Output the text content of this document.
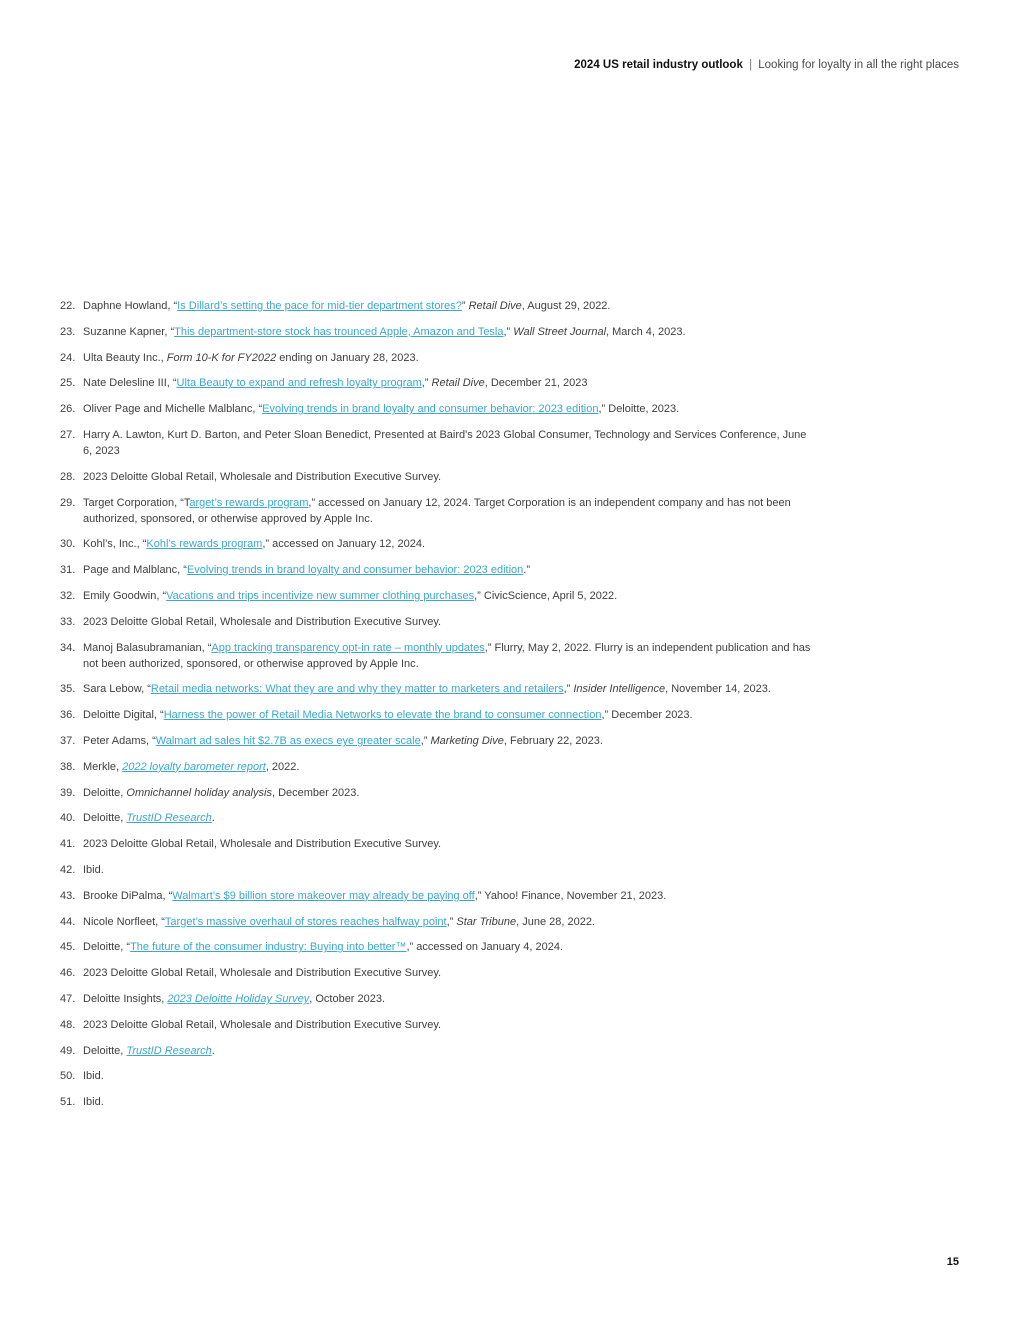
2024 US retail industry outlook | Looking for loyalty in all the right places
22. Daphne Howland, “Is Dillard’s setting the pace for mid-tier department stores?” Retail Dive, August 29, 2022.
23. Suzanne Kapner, “This department-store stock has trounced Apple, Amazon and Tesla,” Wall Street Journal, March 4, 2023.
24. Ulta Beauty Inc., Form 10-K for FY2022 ending on January 28, 2023.
25. Nate Delesline III, “Ulta Beauty to expand and refresh loyalty program,” Retail Dive, December 21, 2023
26. Oliver Page and Michelle Malblanc, “Evolving trends in brand loyalty and consumer behavior: 2023 edition,” Deloitte, 2023.
27. Harry A. Lawton, Kurt D. Barton, and Peter Sloan Benedict, Presented at Baird's 2023 Global Consumer, Technology and Services Conference, June 6, 2023
28. 2023 Deloitte Global Retail, Wholesale and Distribution Executive Survey.
29. Target Corporation, “Target’s rewards program,” accessed on January 12, 2024. Target Corporation is an independent company and has not been authorized, sponsored, or otherwise approved by Apple Inc.
30. Kohl’s, Inc., “Kohl’s rewards program,” accessed on January 12, 2024.
31. Page and Malblanc, “Evolving trends in brand loyalty and consumer behavior: 2023 edition.”
32. Emily Goodwin, “Vacations and trips incentivize new summer clothing purchases,” CivicScience, April 5, 2022.
33. 2023 Deloitte Global Retail, Wholesale and Distribution Executive Survey.
34. Manoj Balasubramanian, “App tracking transparency opt-in rate – monthly updates,” Flurry, May 2, 2022. Flurry is an independent publication and has not been authorized, sponsored, or otherwise approved by Apple Inc.
35. Sara Lebow, “Retail media networks: What they are and why they matter to marketers and retailers,” Insider Intelligence, November 14, 2023.
36. Deloitte Digital, “Harness the power of Retail Media Networks to elevate the brand to consumer connection,” December 2023.
37. Peter Adams, “Walmart ad sales hit $2.7B as execs eye greater scale,” Marketing Dive, February 22, 2023.
38. Merkle, 2022 loyalty barometer report, 2022.
39. Deloitte, Omnichannel holiday analysis, December 2023.
40. Deloitte, TrustID Research.
41. 2023 Deloitte Global Retail, Wholesale and Distribution Executive Survey.
42. Ibid.
43. Brooke DiPalma, “Walmart’s $9 billion store makeover may already be paying off,” Yahoo! Finance, November 21, 2023.
44. Nicole Norfleet, “Target’s massive overhaul of stores reaches halfway point,” Star Tribune, June 28, 2022.
45. Deloitte, “The future of the consumer industry: Buying into better™,” accessed on January 4, 2024.
46. 2023 Deloitte Global Retail, Wholesale and Distribution Executive Survey.
47. Deloitte Insights, 2023 Deloitte Holiday Survey, October 2023.
48. 2023 Deloitte Global Retail, Wholesale and Distribution Executive Survey.
49. Deloitte, TrustID Research.
50. Ibid.
51. Ibid.
15
